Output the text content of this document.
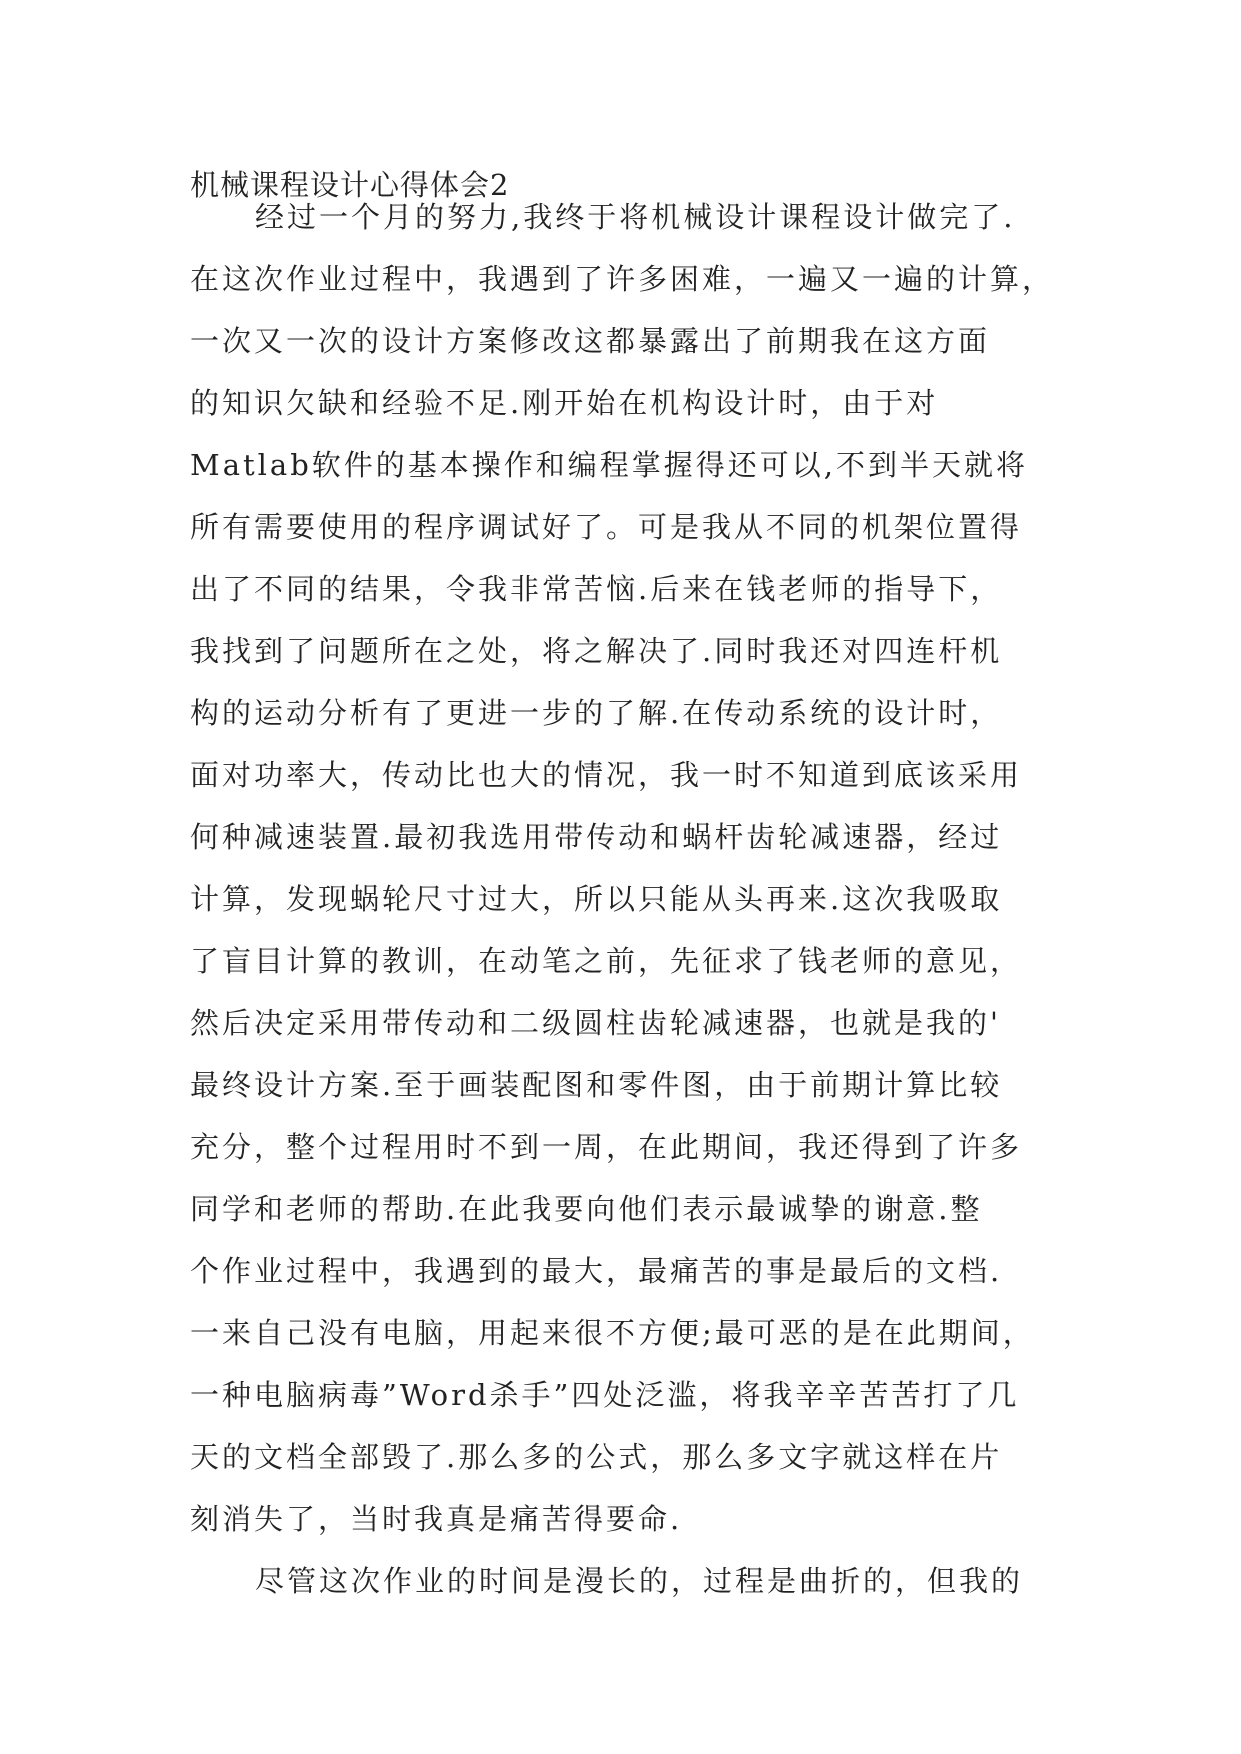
机械课程设计心得体会2
经过一个月的努力,我终于将机械设计课程设计做完了.
在这次作业过程中，我遇到了许多困难，一遍又一遍的计算，
一次又一次的设计方案修改这都暴露出了前期我在这方面
的知识欠缺和经验不足.刚开始在机构设计时，由于对
Matlab软件的基本操作和编程掌握得还可以,不到半天就将
所有需要使用的程序调试好了。可是我从不同的机架位置得
出了不同的结果，令我非常苦恼.后来在钱老师的指导下，
我找到了问题所在之处，将之解决了.同时我还对四连杆机
构的运动分析有了更进一步的了解.在传动系统的设计时，
面对功率大，传动比也大的情况，我一时不知道到底该采用
何种减速装置.最初我选用带传动和蜗杆齿轮减速器，经过
计算，发现蜗轮尺寸过大，所以只能从头再来.这次我吸取
了盲目计算的教训，在动笔之前，先征求了钱老师的意见，
然后决定采用带传动和二级圆柱齿轮减速器，也就是我的'
最终设计方案.至于画装配图和零件图，由于前期计算比较
充分，整个过程用时不到一周，在此期间，我还得到了许多
同学和老师的帮助.在此我要向他们表示最诚挚的谢意.整
个作业过程中，我遇到的最大，最痛苦的事是最后的文档.
一来自己没有电脑，用起来很不方便;最可恶的是在此期间，
一种电脑病毒”Word杀手”四处泛滥，将我辛辛苦苦打了几
天的文档全部毁了.那么多的公式，那么多文字就这样在片
刻消失了，当时我真是痛苦得要命.
尽管这次作业的时间是漫长的，过程是曲折的，但我的
